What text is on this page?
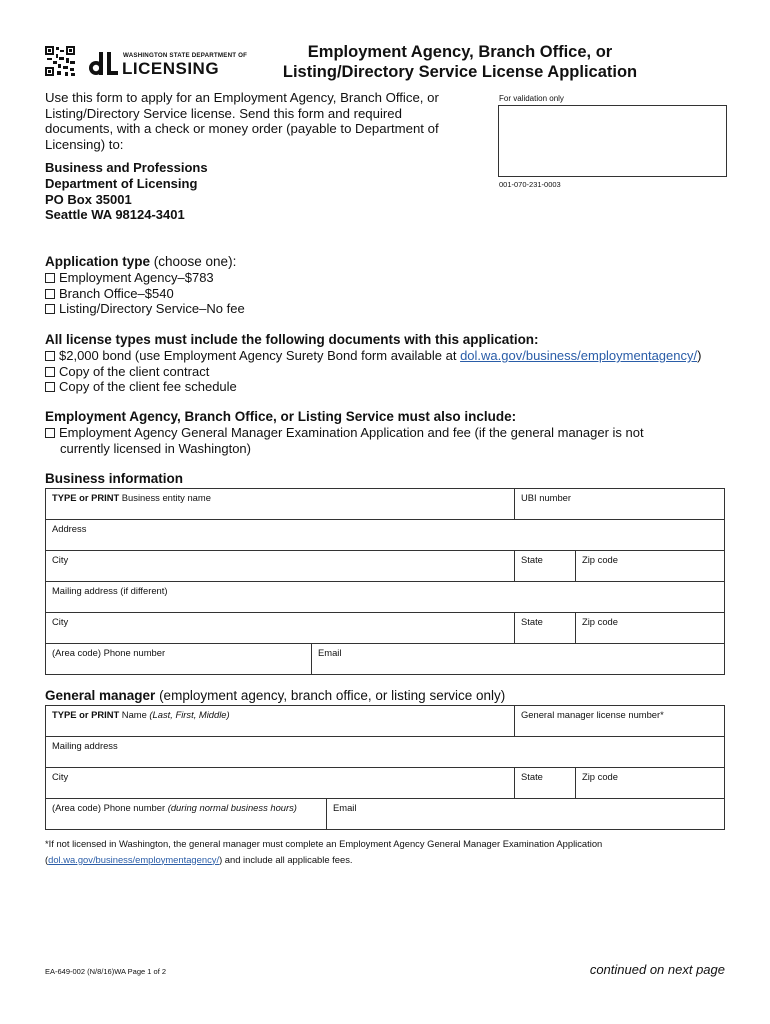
WASHINGTON STATE DEPARTMENT OF
LICENSING
Employment Agency, Branch Office, or
Listing/Directory Service License Application
Use this form to apply for an Employment Agency, Branch Office, or Listing/Directory Service license. Send this form and required documents, with a check or money order (payable to Department of Licensing) to:
Business and Professions
Department of Licensing
PO Box 35001
Seattle WA 98124-3401
For validation only
001-070-231-0003
Application type (choose one):
Employment Agency–$783
Branch Office–$540
Listing/Directory Service–No fee
All license types must include the following documents with this application:
$2,000 bond (use Employment Agency Surety Bond form available at dol.wa.gov/business/employmentagency/)
Copy of the client contract
Copy of the client fee schedule
Employment Agency, Branch Office, or Listing Service must also include:
Employment Agency General Manager Examination Application and fee (if the general manager is not
currently licensed in Washington)
Business information
TYPE or PRINT Business entity name	UBI number
Address
City	State	Zip code
Mailing address (if different)
City	State	Zip code
(Area code) Phone number	Email
General manager (employment agency, branch office, or listing service only)
TYPE or PRINT Name (Last, First, Middle)	General manager license number*
Mailing address
City	State	Zip code
(Area code) Phone number (during normal business hours)	Email
*If not licensed in Washington, the general manager must complete an Employment Agency General Manager Examination Application
(dol.wa.gov/business/employmentagency/) and include all applicable fees.
EA-649-002 (N/8/16)WA Page 1 of 2	continued on next page
